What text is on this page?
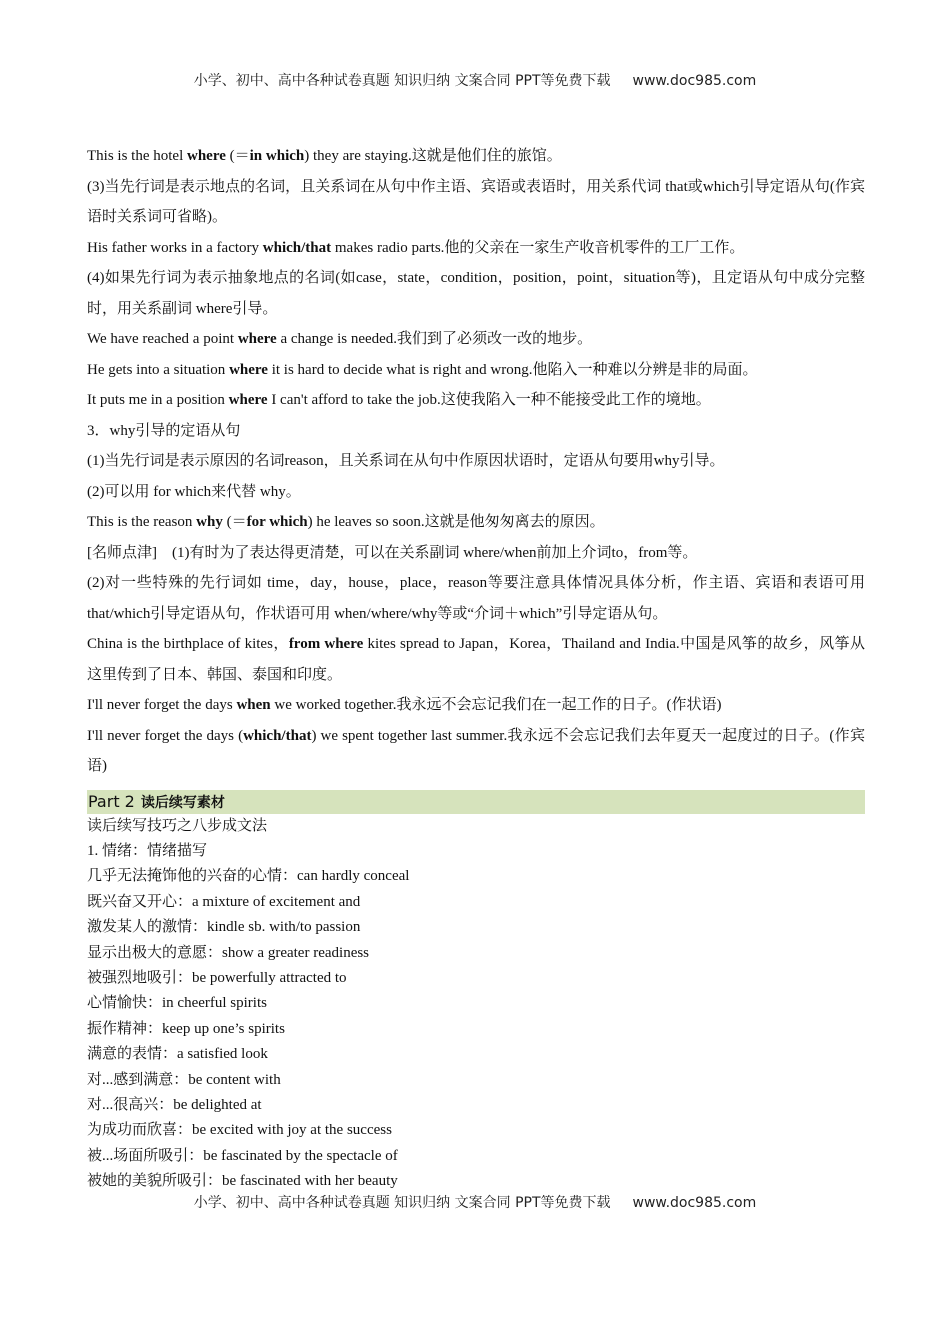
小学、初中、高中各种试卷真题 知识归纳 文案合同 PPT等免费下载 www.doc985.com

This is the hotel where (＝in which) they are staying.这就是他们住的旅馆。

(3)当先行词是表示地点的名词，且关系词在从句中作主语、宾语或表语时，用关系代词 that或which引导定语从句(作宾语时关系词可省略)。

His father works in a factory which/that makes radio parts.他的父亲在一家生产收音机零件的工厂工作。

(4)如果先行词为表示抽象地点的名词(如case，state，condition，position，point，situation等)，且定语从句中成分完整时，用关系副词 where引导。

We have reached a point where a change is needed.我们到了必须改一改的地步。

He gets into a situation where it is hard to decide what is right and wrong.他陷入一种难以分辨是非的局面。

It puts me in a position where I can't afford to take the job.这使我陷入一种不能接受此工作的境地。

3．why引导的定语从句

(1)当先行词是表示原因的名词reason，且关系词在从句中作原因状语时，定语从句要用why引导。

(2)可以用 for which来代替 why。

This is the reason why (＝for which) he leaves so soon.这就是他匆匆离去的原因。

[名师点津]　(1)有时为了表达得更清楚，可以在关系副词 where/when前加上介词to，from等。

(2)对一些特殊的先行词如 time，day，house，place，reason等要注意具体情况具体分析，作主语、宾语和表语可用 that/which引导定语从句，作状语可用 when/where/why等或“介词＋which”引导定语从句。

China is the birthplace of kites，from where kites spread to Japan，Korea，Thailand and India.中国是风筝的故乡，风筝从这里传到了日本、韩国、泰国和印度。

I'll never forget the days when we worked together.我永远不会忘记我们在一起工作的日子。(作状语)

I'll never forget the days (which/that) we spent together last summer.我永远不会忘记我们去年夏天一起度过的日子。(作宾语)

Part 2 读后续写素材

读后续写技巧之八步成文法

1. 情绪：情绪描写

几乎无法掩饰他的兴奋的心情：can hardly conceal

既兴奋又开心：a mixture of excitement and

激发某人的激情：kindle sb. with/to passion

显示出极大的意愿：show a greater readiness

被强烈地吸引：be powerfully attracted to

心情愉快：in cheerful spirits

振作精神：keep up one’s spirits

满意的表情：a satisfied look

对...感到满意：be content with

对...很高兴：be delighted at

为成功而欣喜：be excited with joy at the success

被...场面所吸引：be fascinated by the spectacle of

被她的美貌所吸引：be fascinated with her beauty

小学、初中、高中各种试卷真题 知识归纳 文案合同 PPT等免费下载 www.doc985.com
